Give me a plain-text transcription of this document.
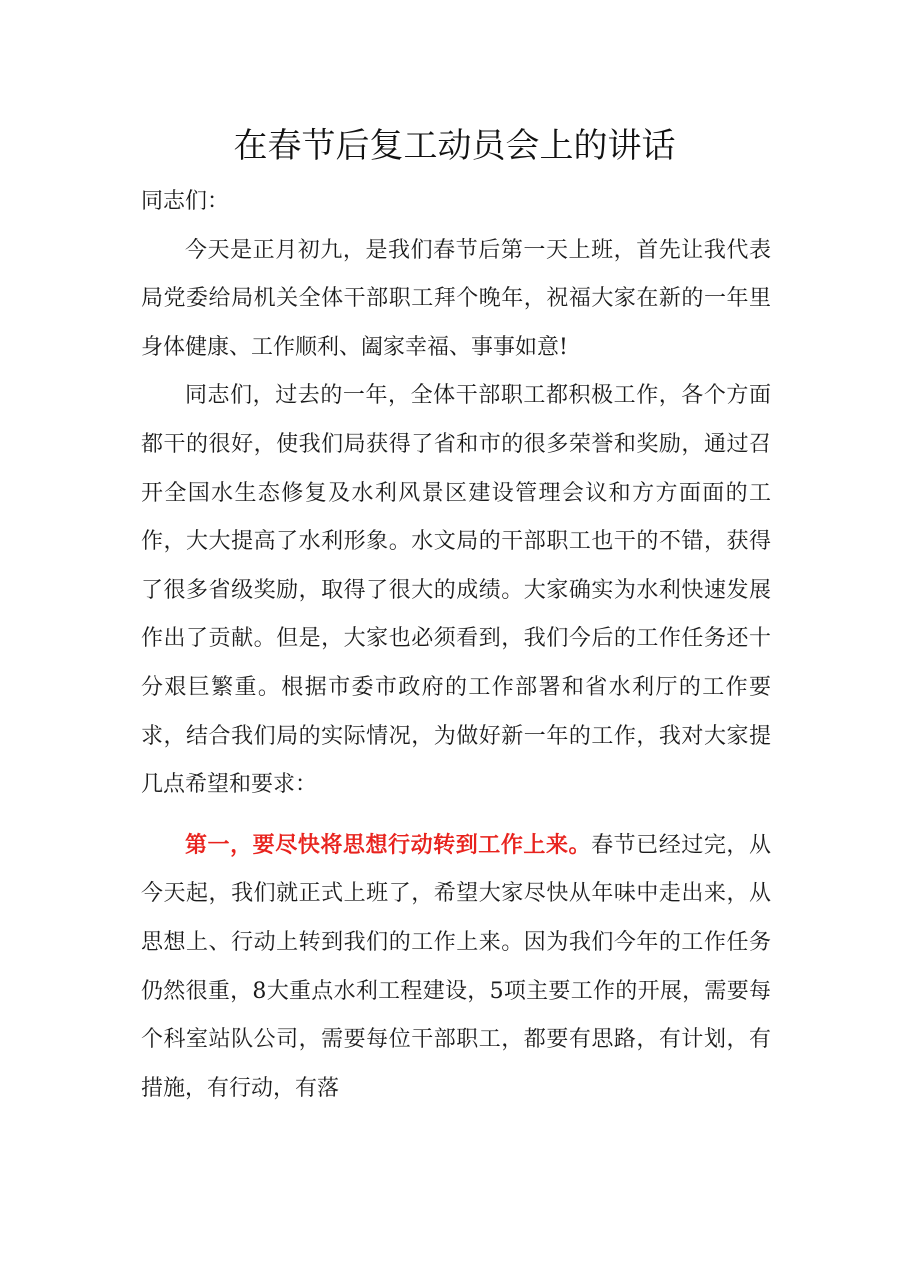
在春节后复工动员会上的讲话

同志们：

今天是正月初九，是我们春节后第一天上班，首先让我代表局党委给局机关全体干部职工拜个晚年，祝福大家在新的一年里身体健康、工作顺利、阖家幸福、事事如意!

同志们，过去的一年，全体干部职工都积极工作，各个方面都干的很好，使我们局获得了省和市的很多荣誉和奖励，通过召开全国水生态修复及水利风景区建设管理会议和方方面面的工作，大大提高了水利形象。水文局的干部职工也干的不错，获得了很多省级奖励，取得了很大的成绩。大家确实为水利快速发展作出了贡献。但是，大家也必须看到，我们今后的工作任务还十分艰巨繁重。根据市委市政府的工作部署和省水利厅的工作要求，结合我们局的实际情况，为做好新一年的工作，我对大家提几点希望和要求：

第一，要尽快将思想行动转到工作上来。春节已经过完，从今天起，我们就正式上班了，希望大家尽快从年味中走出来，从思想上、行动上转到我们的工作上来。因为我们今年的工作任务仍然很重，8大重点水利工程建设，5项主要工作的开展，需要每个科室站队公司，需要每位干部职工，都要有思路，有计划，有措施，有行动，有落
